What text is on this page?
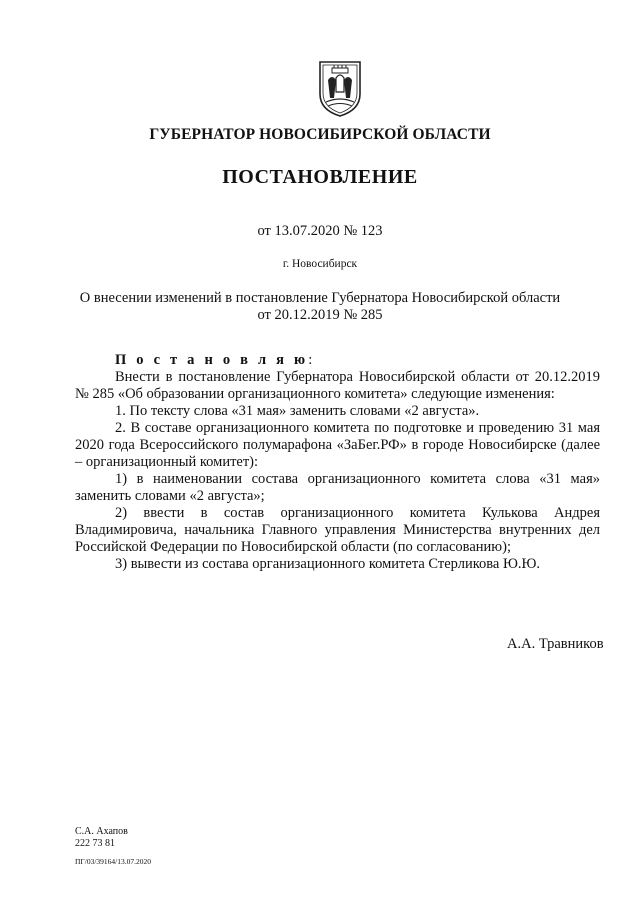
ГУБЕРНАТОР НОВОСИБИРСКОЙ ОБЛАСТИ
ПОСТАНОВЛЕНИЕ
от 13.07.2020 № 123
г. Новосибирск
О внесении изменений в постановление Губернатора Новосибирской области
от 20.12.2019 № 285

П о с т а н о в л я ю:

Внести в постановление Губернатора Новосибирской области от 20.12.2019 № 285 «Об образовании организационного комитета» следующие изменения:

1. По тексту слова «31 мая» заменить словами «2 августа».

2. В составе организационного комитета по подготовке и проведению 31 мая 2020 года Всероссийского полумарафона «ЗаБег.РФ» в городе Новосибирске (далее – организационный комитет):

1) в наименовании состава организационного комитета слова «31 мая» заменить словами «2 августа»;

2) ввести в состав организационного комитета Кулькова Андрея Владимировича, начальника Главного управления Министерства внутренних дел Российской Федерации по Новосибирской области (по согласованию);

3) вывести из состава организационного комитета Стерликова Ю.Ю.

А.А. Травников
С.А. Ахапов
222 73 81
ПГ/03/39164/13.07.2020
